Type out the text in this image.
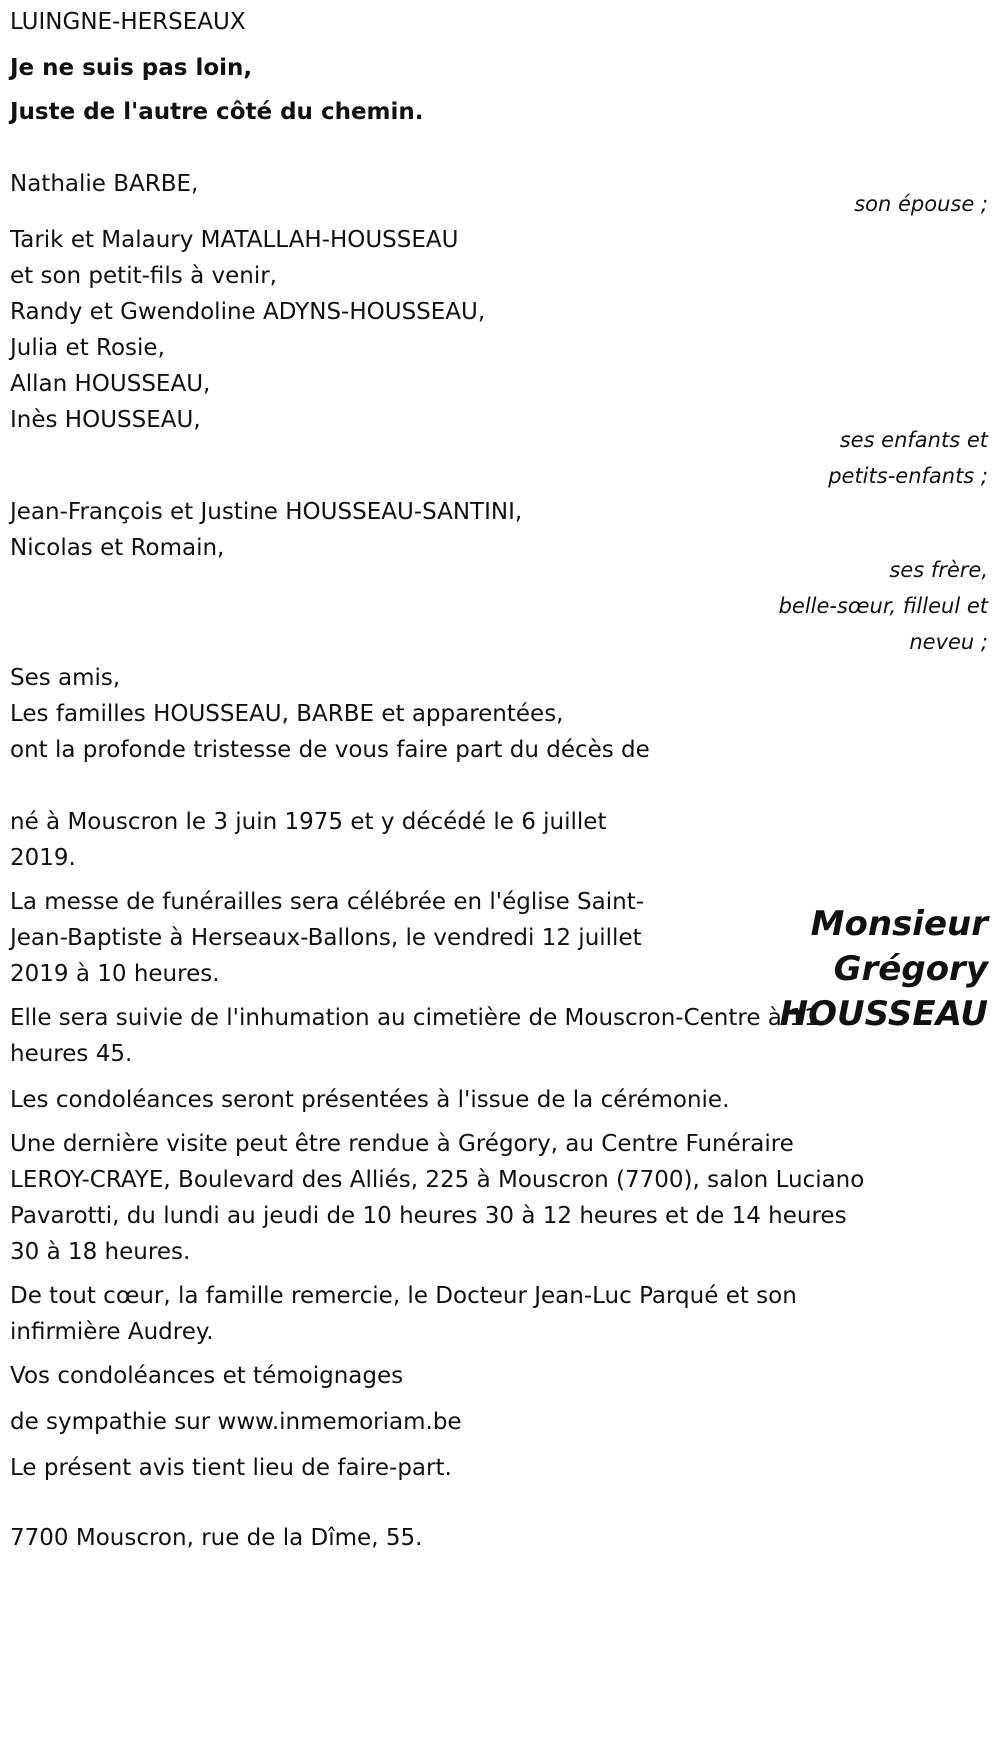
LUINGNE-HERSEAUX
Je ne suis pas loin,
Juste de l'autre côté du chemin.
Nathalie BARBE,
son épouse ;
Tarik et Malaury MATALLAH-HOUSSEAU
et son petit-fils à venir,
Randy et Gwendoline ADYNS-HOUSSEAU,
Julia et Rosie,
Allan HOUSSEAU,
Inès HOUSSEAU,
ses enfants et
petits-enfants ;
Jean-François et Justine HOUSSEAU-SANTINI,
Nicolas et Romain,
ses frère,
belle-sœur, filleul et
neveu ;
Ses amis,
Les familles HOUSSEAU, BARBE et apparentées,
ont la profonde tristesse de vous faire part du décès de
Monsieur
Grégory
HOUSSEAU
né à Mouscron le 3 juin 1975 et y décédé le 6 juillet
2019.
La messe de funérailles sera célébrée en l'église Saint-
Jean-Baptiste à Herseaux-Ballons, le vendredi 12 juillet
2019 à 10 heures.
Elle sera suivie de l'inhumation au cimetière de Mouscron-Centre à 11
heures 45.
Les condoléances seront présentées à l'issue de la cérémonie.
Une dernière visite peut être rendue à Grégory, au Centre Funéraire
LEROY-CRAYE, Boulevard des Alliés, 225 à Mouscron (7700), salon Luciano
Pavarotti, du lundi au jeudi de 10 heures 30 à 12 heures et de 14 heures
30 à 18 heures.
De tout cœur, la famille remercie, le Docteur Jean-Luc Parqué et son
infirmière Audrey.
Vos condoléances et témoignages
de sympathie sur www.inmemoriam.be
Le présent avis tient lieu de faire-part.
7700 Mouscron, rue de la Dîme, 55.
